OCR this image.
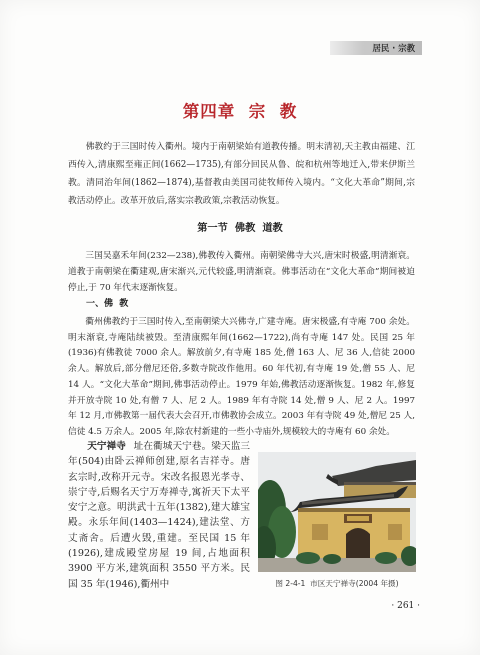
居民 · 宗教
第四章  宗  教

佛教约于三国时传入衢州。境内于南朝梁始有道教传播。明末清初,天主教由福建、江西传入,清康熙至雍正间(1662—1735),有部分回民从鲁、皖和杭州等地迁入,带来伊斯兰教。清同治年间(1862—1874),基督教由美国司徒牧师传入境内。“文化大革命”期间,宗教活动停止。改革开放后,落实宗教政策,宗教活动恢复。

第一节  佛教  道教

三国吴嘉禾年间(232—238),佛教传入衢州。南朝梁佛寺大兴,唐宋时极盛,明清渐衰。道教于南朝梁在衢建观,唐宋渐兴,元代较盛,明清渐衰。佛事活动在“文化大革命”期间被迫停止,于 70 年代末逐渐恢复。

一、佛  教

衢州佛教约于三国时传入,至南朝梁大兴佛寺,广建寺庵。唐宋极盛,有寺庵 700 余处。明末渐衰,寺庵陆续被毁。至清康熙年间(1662—1722),尚有寺庵 147 处。民国 25 年(1936)有佛教徒 7000 余人。解放前夕,有寺庵 185 处,僧 163 人、尼 36 人,信徒 2000 余人。解放后,部分僧尼还俗,多数寺院改作他用。60 年代初,有寺庵 19 处,僧 55 人、尼 14 人。“文化大革命”期间,佛事活动停止。1979 年始,佛教活动逐渐恢复。1982 年,修复并开放寺院 10 处,有僧 7 人、尼 2 人。1989 年有寺院 14 处,僧 9 人、尼 2 人。1997 年 12 月,市佛教第一届代表大会召开,市佛教协会成立。2003 年有寺院 49 处,僧尼 25 人,信徒 4.5 万余人。2005 年,除农村新建的一些小寺庙外,规模较大的寺庵有 60 余处。

天宁禅寺 址在衢城天宁巷。梁天监三年(504)由卧云禅师创建,原名吉祥寺。唐玄宗时,改称开元寺。宋改名报恩光孝寺、崇宁寺,后赐名天宁万寿禅寺,寓祈天下太平安宁之意。明洪武十五年(1382),建大雄宝殿。永乐年间(1403—1424),建法堂、方丈斋舍。后遭火毁,重建。至民国 15 年(1926),建成殿堂房屋 19 间,占地面积 3900 平方米,建筑面积 3550 平方米。民国 35 年(1946),衢州中	图 2-4-1  市区天宁禅寺(2004 年摄)
· 261 ·
